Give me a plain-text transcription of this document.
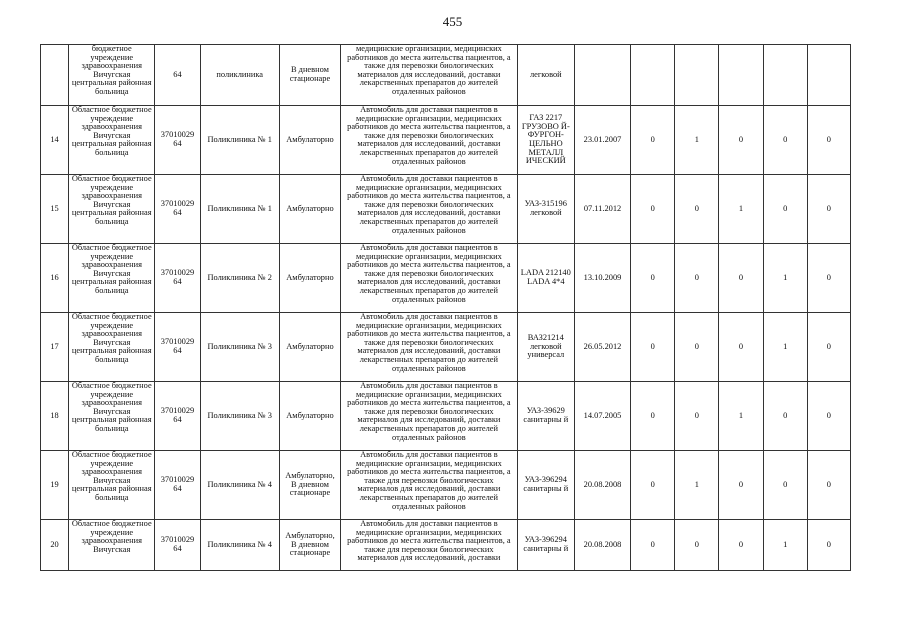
455

	бюджетное учреждение здравоохранения Вичугская центральная районная больница	64	поликлиника	В дневном стационаре	медицинские организации, медицинских работников до места жительства пациентов, а также для перевозки биологических материалов для исследований, доставки лекарственных препаратов до жителей отдаленных районов	легковой						
14	Областное бюджетное учреждение здравоохранения Вичугская центральная районная больница	37010029 64	Поликлиника № 1	Амбулаторно	Автомобиль для доставки пациентов в медицинские организации, медицинских работников до места жительства пациентов, а также для перевозки биологических материалов для исследований, доставки лекарственных препаратов до жителей отдаленных районов	ГАЗ 2217 ГРУЗОВО Й-ФУРГОН-ЦЕЛЬНО МЕТАЛЛ ИЧЕСКИЙ	23.01.2007	0	1	0	0	0
15	Областное бюджетное учреждение здравоохранения Вичугская центральная районная больница	37010029 64	Поликлиника № 1	Амбулаторно	Автомобиль для доставки пациентов в медицинские организации, медицинских работников до места жительства пациентов, а также для перевозки биологических материалов для исследований, доставки лекарственных препаратов до жителей отдаленных районов	УАЗ-315196 легковой	07.11.2012	0	0	1	0	0
16	Областное бюджетное учреждение здравоохранения Вичугская центральная районная больница	37010029 64	Поликлиника № 2	Амбулаторно	Автомобиль для доставки пациентов в медицинские организации, медицинских работников до места жительства пациентов, а также для перевозки биологических материалов для исследований, доставки лекарственных препаратов до жителей отдаленных районов	LADA 212140 LADA 4*4	13.10.2009	0	0	0	1	0
17	Областное бюджетное учреждение здравоохранения Вичугская центральная районная больница	37010029 64	Поликлиника № 3	Амбулаторно	Автомобиль для доставки пациентов в медицинские организации, медицинских работников до места жительства пациентов, а также для перевозки биологических материалов для исследований, доставки лекарственных препаратов до жителей отдаленных районов	ВАЗ21214 легковой универсал	26.05.2012	0	0	0	1	0
18	Областное бюджетное учреждение здравоохранения Вичугская центральная районная больница	37010029 64	Поликлиника № 3	Амбулаторно	Автомобиль для доставки пациентов в медицинские организации, медицинских работников до места жительства пациентов, а также для перевозки биологических материалов для исследований, доставки лекарственных препаратов до жителей отдаленных районов	УАЗ-39629 санитарны й	14.07.2005	0	0	1	0	0
19	Областное бюджетное учреждение здравоохранения Вичугская центральная районная больница	37010029 64	Поликлиника № 4	Амбулаторно, В дневном стационаре	Автомобиль для доставки пациентов в медицинские организации, медицинских работников до места жительства пациентов, а также для перевозки биологических материалов для исследований, доставки лекарственных препаратов до жителей отдаленных районов	УАЗ-396294 санитарны й	20.08.2008	0	1	0	0	0
20	Областное бюджетное учреждение здравоохранения Вичугская	37010029 64	Поликлиника № 4	Амбулаторно, В дневном стационаре	Автомобиль для доставки пациентов в медицинские организации, медицинских работников до места жительства пациентов, а также для перевозки биологических материалов для исследований, доставки	УАЗ-396294 санитарны й	20.08.2008	0	0	0	1	0
